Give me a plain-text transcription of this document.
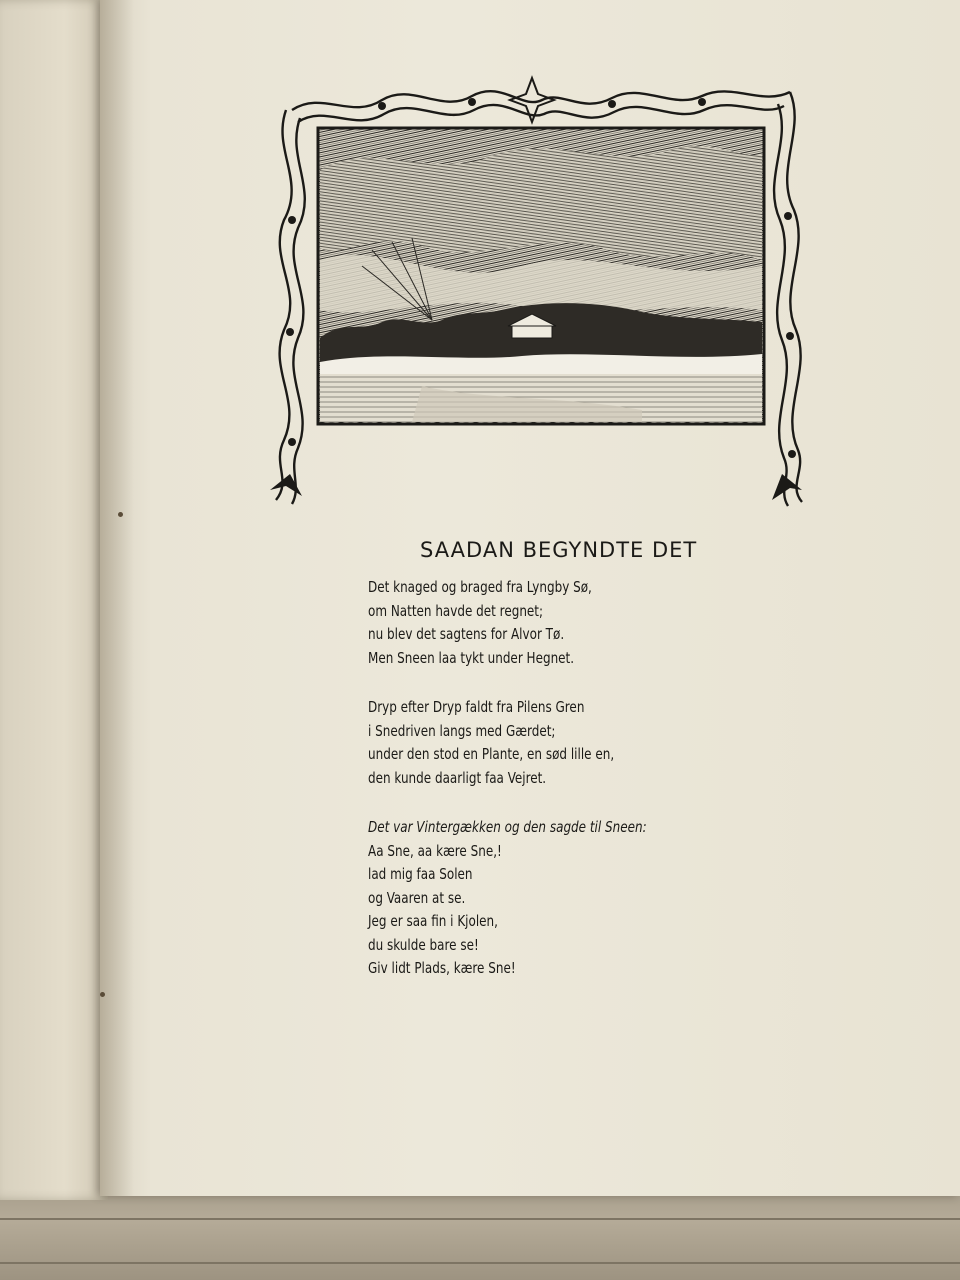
SAADAN BEGYNDTE DET
Det knaged og braged fra Lyngby Sø,
om Natten havde det regnet;
nu blev det sagtens for Alvor Tø.
Men Sneen laa tykt under Hegnet.
Dryp efter Dryp faldt fra Pilens Gren
i Snedriven langs med Gærdet;
under den stod en Plante, en sød lille en,
den kunde daarligt faa Vejret.
Det var Vintergækken og den sagde til Sneen:
Aa Sne, aa kære Sne,!
lad mig faa Solen
og Vaaren at se.
Jeg er saa fin i Kjolen,
du skulde bare se!
Giv lidt Plads, kære Sne!
